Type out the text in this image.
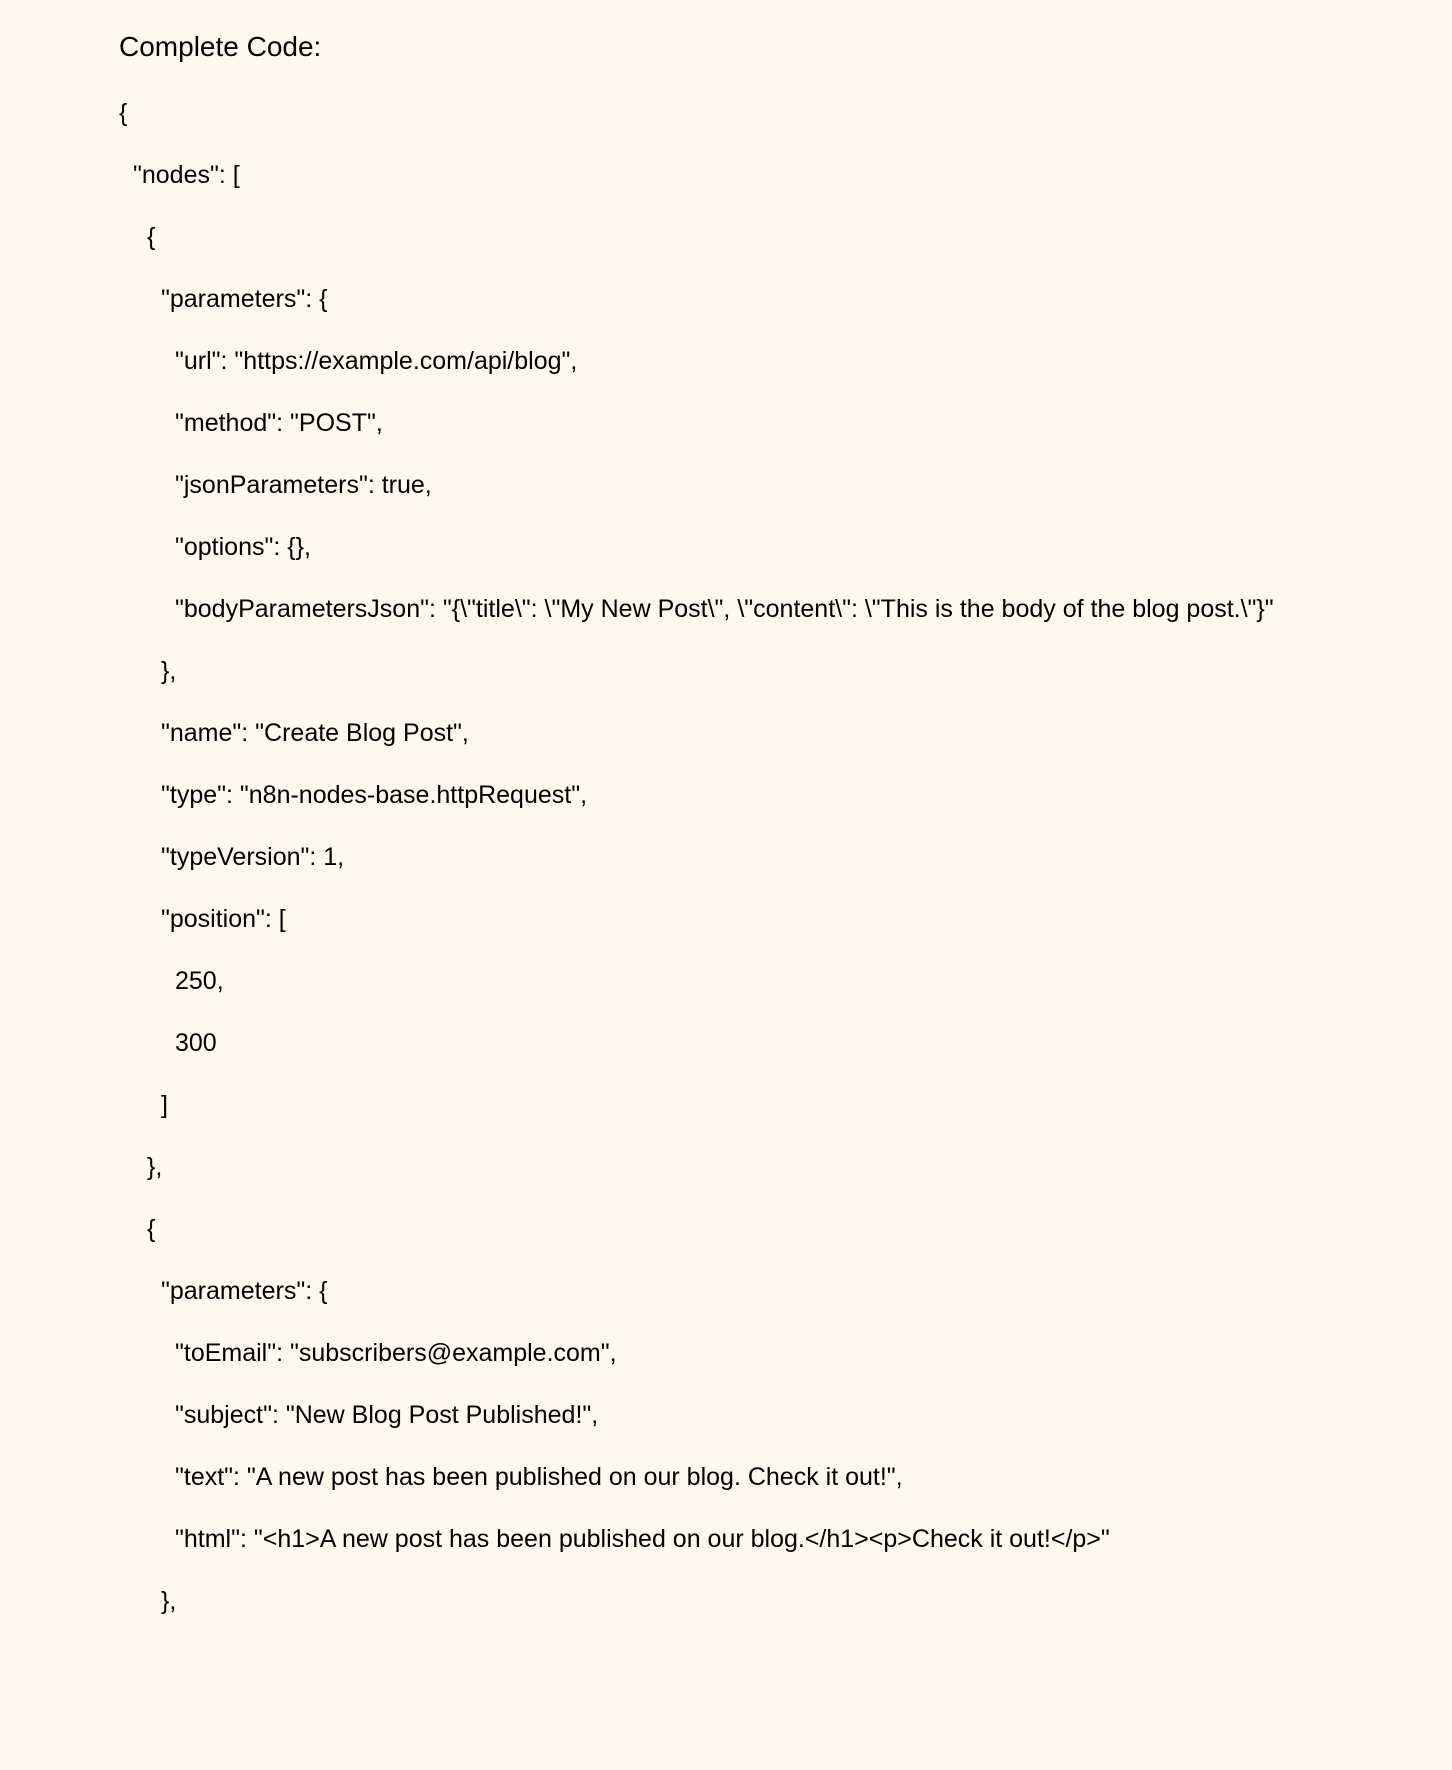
Complete Code:
{
"nodes": [
{
"parameters": {
"url": "https://example.com/api/blog",
"method": "POST",
"jsonParameters": true,
"options": {},
"bodyParametersJson": "{\"title\": \"My New Post\", \"content\": \"This is the body of the blog post.\"}"
},
"name": "Create Blog Post",
"type": "n8n-nodes-base.httpRequest",
"typeVersion": 1,
"position": [
250,
300
]
},
{
"parameters": {
"toEmail": "subscribers@example.com",
"subject": "New Blog Post Published!",
"text": "A new post has been published on our blog. Check it out!",
"html": "<h1>A new post has been published on our blog.</h1><p>Check it out!</p>"
},
